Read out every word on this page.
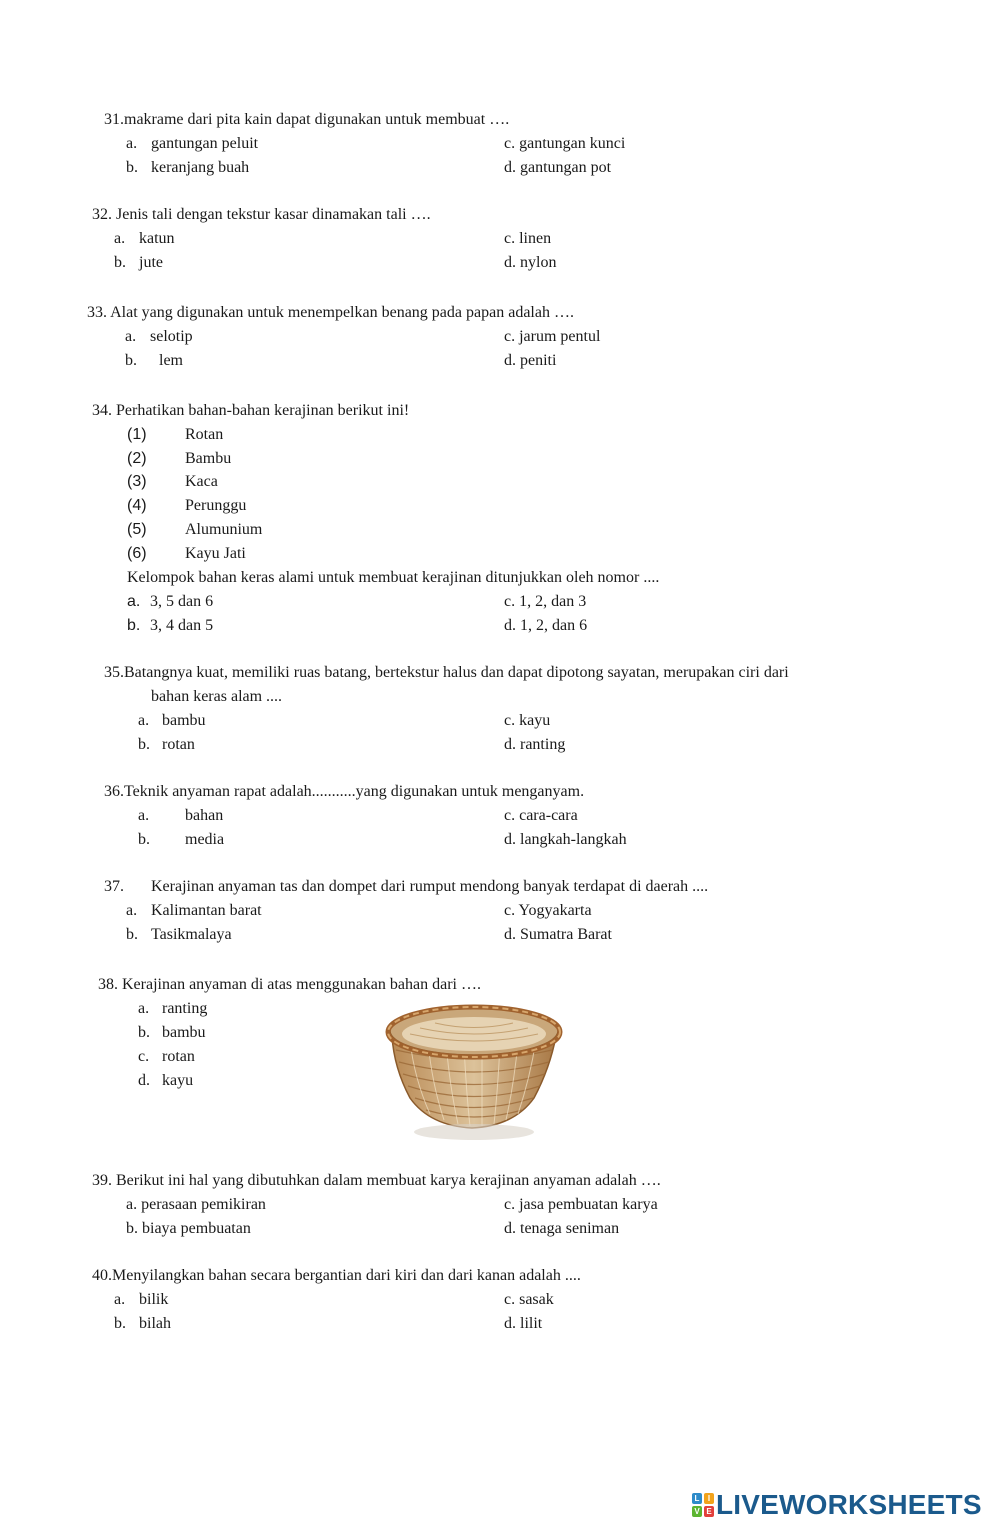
31.makrame dari pita kain dapat digunakan untuk membuat ….
a. gantungan peluit
b. keranjang buah
c. gantungan kunci
d. gantungan pot
32. Jenis tali dengan tekstur kasar dinamakan tali ….
a. katun
b. jute
c. linen
d. nylon
33. Alat yang digunakan untuk menempelkan benang pada papan adalah ….
a. selotip
b. lem
c. jarum pentul
d. peniti
34. Perhatikan bahan-bahan kerajinan berikut ini!
(1) Rotan
(2) Bambu
(3) Kaca
(4) Perunggu
(5) Alumunium
(6) Kayu Jati
Kelompok bahan keras alami untuk membuat kerajinan ditunjukkan oleh nomor ....
a. 3, 5 dan 6
b. 3, 4 dan 5
c. 1, 2, dan 3
d. 1, 2, dan 6
35.Batangnya kuat, memiliki ruas batang, bertekstur halus dan dapat dipotong sayatan, merupakan ciri dari
bahan keras alam ....
a. bambu
b. rotan
c. kayu
d. ranting
36.Teknik anyaman rapat adalah...........yang digunakan untuk menganyam.
a. bahan
b. media
c. cara-cara
d. langkah-langkah
37. Kerajinan anyaman tas dan dompet dari rumput mendong banyak terdapat di daerah ....
a. Kalimantan barat
b. Tasikmalaya
c. Yogyakarta
d. Sumatra Barat
38. Kerajinan anyaman di atas menggunakan bahan dari ….
a. ranting
b. bambu
c. rotan
d. kayu
39. Berikut ini hal yang dibutuhkan dalam membuat karya kerajinan anyaman adalah ….
a. perasaan pemikiran
b. biaya pembuatan
c. jasa pembuatan karya
d. tenaga seniman
40.Menyilangkan bahan secara bergantian dari kiri dan dari kanan adalah ....
a. bilik
b. bilah
c. sasak
d. lilit
L	I
V E LIVEWORKSHEETS
